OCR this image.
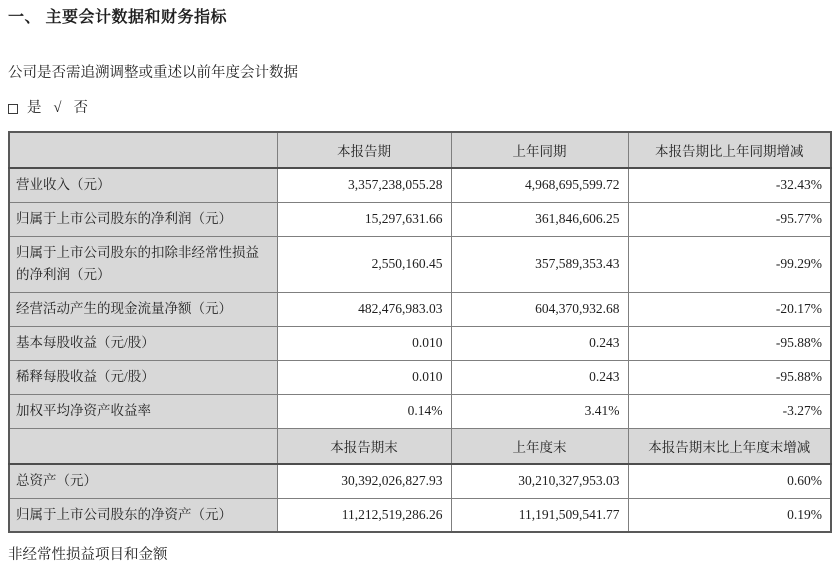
一、 主要会计数据和财务指标
公司是否需追溯调整或重述以前年度会计数据
是 √ 否
	本报告期	上年同期	本报告期比上年同期增减
营业收入（元）	3,357,238,055.28	4,968,695,599.72	-32.43%
归属于上市公司股东的净利润（元）	15,297,631.66	361,846,606.25	-95.77%
归属于上市公司股东的扣除非经常性损益的净利润（元）	2,550,160.45	357,589,353.43	-99.29%
经营活动产生的现金流量净额（元）	482,476,983.03	604,370,932.68	-20.17%
基本每股收益（元/股）	0.010	0.243	-95.88%
稀释每股收益（元/股）	0.010	0.243	-95.88%
加权平均净资产收益率	0.14%	3.41%	-3.27%
	本报告期末	上年度末	本报告期末比上年度末增减
总资产（元）	30,392,026,827.93	30,210,327,953.03	0.60%
归属于上市公司股东的净资产（元）	11,212,519,286.26	11,191,509,541.77	0.19%
非经常性损益项目和金额
